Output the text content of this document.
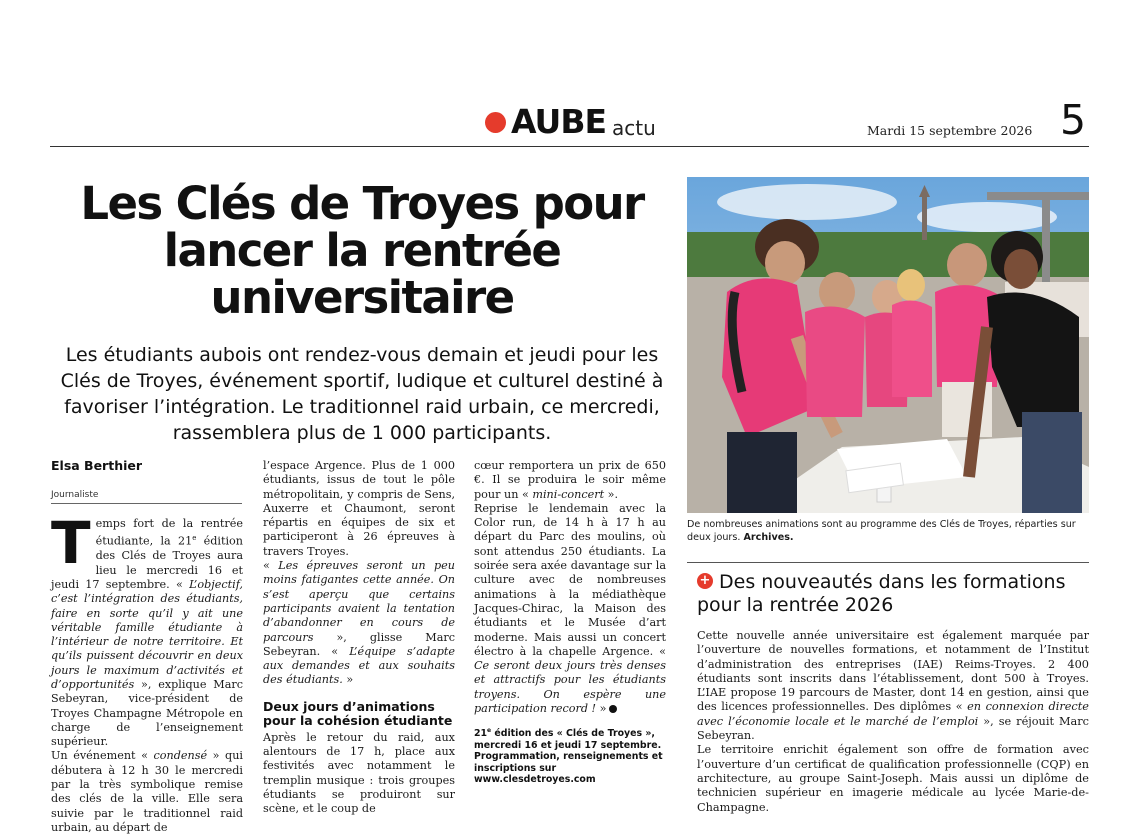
AUBE actu	Mardi 15 septembre 2026 5
Les Clés de Troyes pour lancer la rentrée universitaire
Les étudiants aubois ont rendez-vous demain et jeudi pour les Clés de Troyes, événement sportif, ludique et culturel destiné à favoriser l’intégration. Le traditionnel raid urbain, ce mercredi, rassemblera plus de 1 000 participants.
Elsa Berthier
Journaliste

Temps fort de la rentrée étudiante, la 21e édition des Clés de Troyes aura lieu le mercredi 16 et jeudi 17 septembre. « L’objectif, c’est l’intégration des étudiants, faire en sorte qu’il y ait une véritable famille étudiante à l’intérieur de notre territoire. Et qu’ils puissent découvrir en deux jours le maximum d’activités et d’opportunités », explique Marc Sebeyran, vice-président de Troyes Champagne Métropole en charge de l’enseignement supérieur.

Un événement « condensé » qui débutera à 12 h 30 le mercredi par la très symbolique remise des clés de la ville. Elle sera suivie par le traditionnel raid urbain, au départ de

l’espace Argence. Plus de 1 000 étudiants, issus de tout le pôle métropolitain, y compris de Sens, Auxerre et Chaumont, seront répartis en équipes de six et participeront à 26 épreuves à travers Troyes.

« Les épreuves seront un peu moins fatigantes cette année. On s’est aperçu que certains participants avaient la tentation d’abandonner en cours de parcours », glisse Marc Sebeyran. « L’équipe s’adapte aux demandes et aux souhaits des étudiants. »

Deux jours d’animations pour la cohésion étudiante

Après le retour du raid, aux alentours de 17 h, place aux festivités avec notamment le tremplin musique : trois groupes étudiants se produiront sur scène, et le coup de

cœur remportera un prix de 650 €. Il se produira le soir même pour un « mini-concert ».

Reprise le lendemain avec la Color run, de 14 h à 17 h au départ du Parc des moulins, où sont attendus 250 étudiants. La soirée sera axée davantage sur la culture avec de nombreuses animations à la médiathèque Jacques-Chirac, la Maison des étudiants et le Musée d’art moderne. Mais aussi un concert électro à la chapelle Argence. « Ce seront deux jours très denses et attractifs pour les étudiants troyens. On espère une participation record ! »

21e édition des « Clés de Troyes », mercredi 16 et jeudi 17 septembre. Programmation, renseignements et inscriptions sur
www.clesdetroyes.com
De nombreuses animations sont au programme des Clés de Troyes, réparties sur deux jours. Archives.
Des nouveautés dans les formations pour la rentrée 2026
+

Cette nouvelle année universitaire est également marquée par l’ouverture de nouvelles formations, et notamment de l’Institut d’administration des entreprises (IAE) Reims-Troyes. 2 400 étudiants sont inscrits dans l’établissement, dont 500 à Troyes. L’IAE propose 19 parcours de Master, dont 14 en gestion, ainsi que des licences professionnelles. Des diplômes « en connexion directe avec l’économie locale et le marché de l’emploi », se réjouit Marc Sebeyran.

Le territoire enrichit également son offre de formation avec l’ouverture d’un certificat de qualification professionnelle (CQP) en architecture, au groupe Saint-Joseph. Mais aussi un diplôme de technicien supérieur en imagerie médicale au lycée Marie-de-Champagne.
